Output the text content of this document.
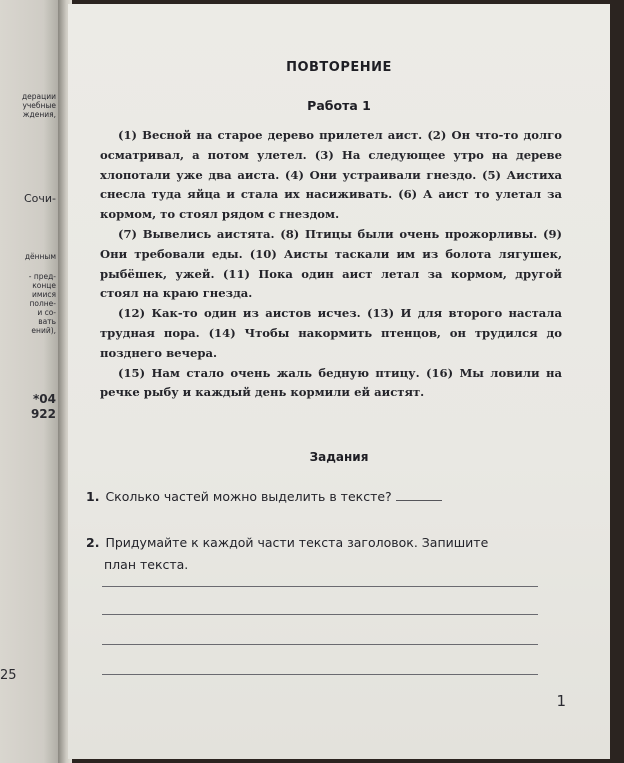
дерации
учебные
ждения,
Сочи-
дённым
- пред-
конце
имися
полне-
и со-
вать
ений),
*04
922
25
ПОВТОРЕНИЕ
Работа 1

(1) Весной на старое дерево прилетел аист. (2) Он что-то долго осматривал, а потом улетел. (3) На следующее утро на дереве хлопотали уже два аиста. (4) Они устраивали гнездо. (5) Аистиха снесла туда яйца и стала их насиживать. (6) А аист то улетал за кормом, то стоял рядом с гнездом.

(7) Вывелись аистята. (8) Птицы были очень прожорливы. (9) Они требовали еды. (10) Аисты таскали им из болота лягушек, рыбёшек, ужей. (11) Пока один аист летал за кормом, другой стоял на краю гнезда.

(12) Как-то один из аистов исчез. (13) И для второго настала трудная пора. (14) Чтобы накормить птенцов, он трудился до позднего вечера.

(15) Нам стало очень жаль бедную птицу. (16) Мы ловили на речке рыбу и каждый день кормили ей аистят.

Задания
1. Сколько частей можно выделить в тексте?
2. Придумайте к каждой части текста заголовок. Запишите
план текста.
1
